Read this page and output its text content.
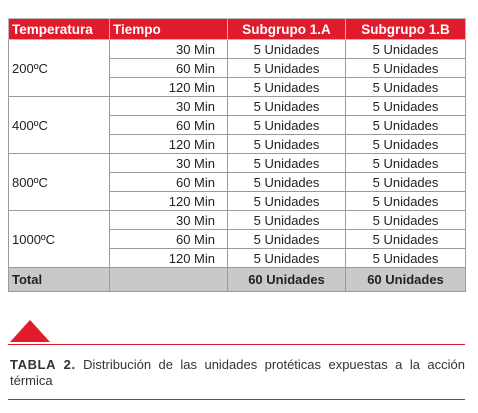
Temperatura	Tiempo	Subgrupo 1.A	Subgrupo 1.B
200ºC	30 Min	5 Unidades	5 Unidades
	60 Min	5 Unidades	5 Unidades
	120 Min	5 Unidades	5 Unidades
400ºC	30 Min	5 Unidades	5 Unidades
	60 Min	5 Unidades	5 Unidades
	120 Min	5 Unidades	5 Unidades
800ºC	30 Min	5 Unidades	5 Unidades
	60 Min	5 Unidades	5 Unidades
	120 Min	5 Unidades	5 Unidades
1000ºC	30 Min	5 Unidades	5 Unidades
	60 Min	5 Unidades	5 Unidades
	120 Min	5 Unidades	5 Unidades
Total		60 Unidades	60 Unidades
TABLA 2. Distribución de las unidades protéticas expuestas a la acción térmica
